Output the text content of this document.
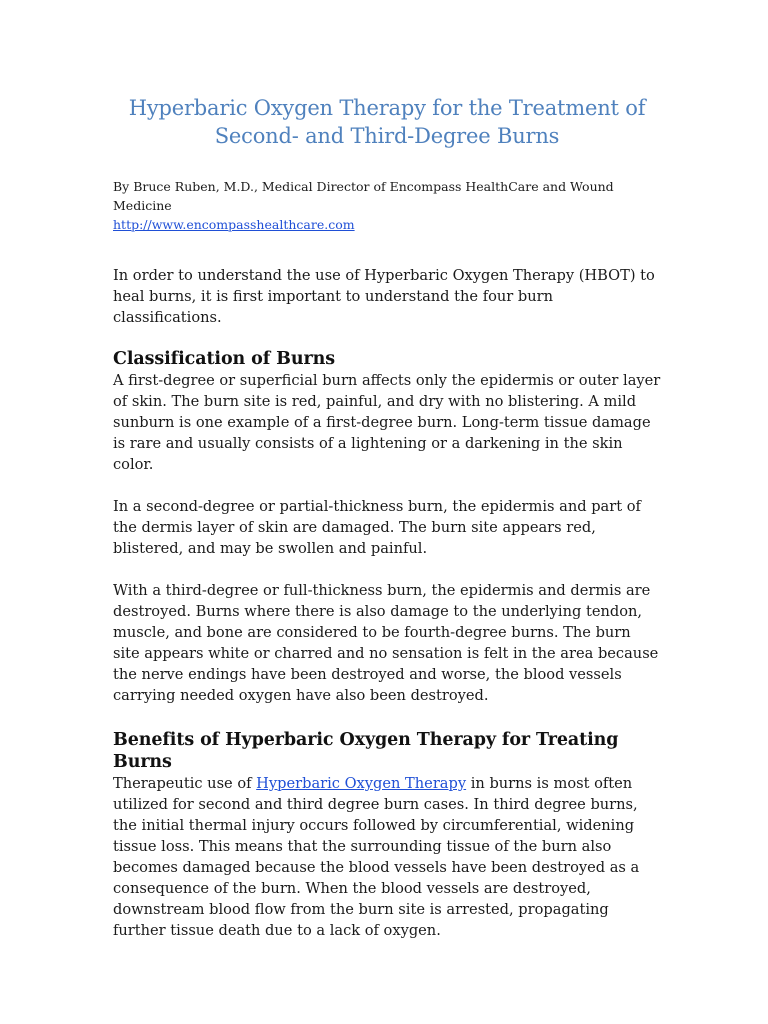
Hyperbaric Oxygen Therapy for the Treatment of
Second- and Third-Degree Burns
By Bruce Ruben, M.D., Medical Director of Encompass HealthCare and Wound Medicine
http://www.encompasshealthcare.com

In order to understand the use of Hyperbaric Oxygen Therapy (HBOT) to heal burns, it is first important to understand the four burn classifications.

Classification of Burns

A first-degree or superficial burn affects only the epidermis or outer layer of skin. The burn site is red, painful, and dry with no blistering. A mild sunburn is one example of a first-degree burn. Long-term tissue damage is rare and usually consists of a lightening or a darkening in the skin color.

In a second-degree or partial-thickness burn, the epidermis and part of the dermis layer of skin are damaged. The burn site appears red, blistered, and may be swollen and painful.

With a third-degree or full-thickness burn, the epidermis and dermis are destroyed. Burns where there is also damage to the underlying tendon, muscle, and bone are considered to be fourth-degree burns. The burn site appears white or charred and no sensation is felt in the area because the nerve endings have been destroyed and worse, the blood vessels carrying needed oxygen have also been destroyed.

Benefits of Hyperbaric Oxygen Therapy for Treating Burns

Therapeutic use of Hyperbaric Oxygen Therapy in burns is most often utilized for second and third degree burn cases. In third degree burns, the initial thermal injury occurs followed by circumferential, widening tissue loss. This means that the surrounding tissue of the burn also becomes damaged because the blood vessels have been destroyed as a consequence of the burn. When the blood vessels are destroyed, downstream blood flow from the burn site is arrested, propagating further tissue death due to a lack of oxygen.
